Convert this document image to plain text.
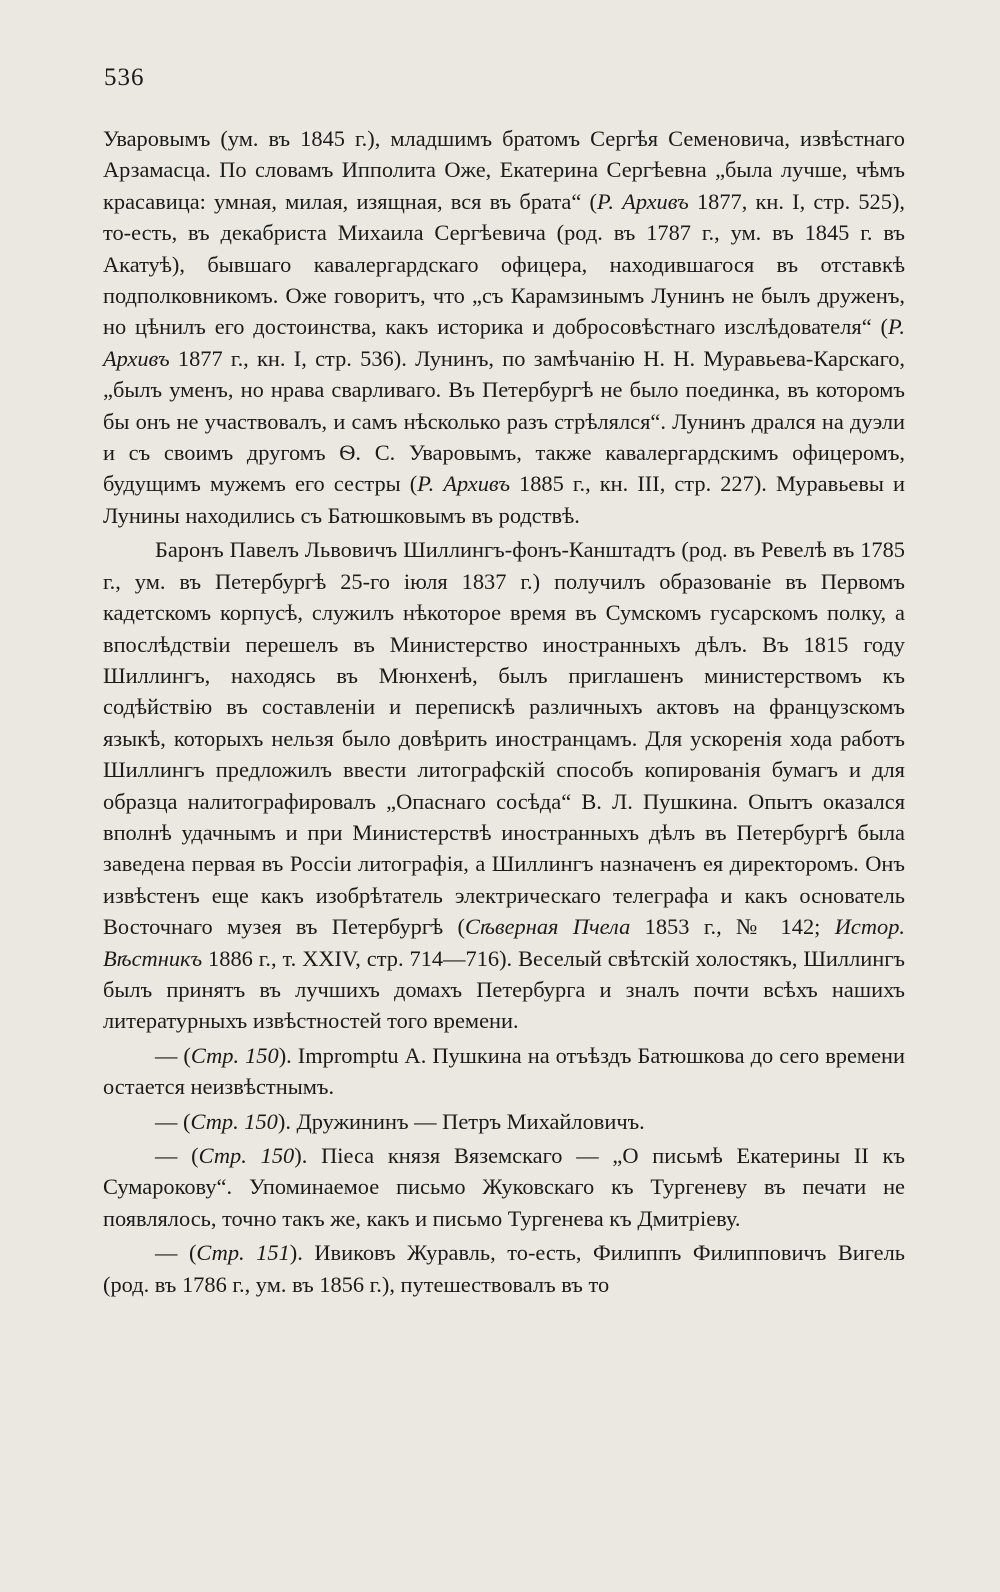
536

Уваровымъ (ум. въ 1845 г.), младшимъ братомъ Сергѣя Семеновича, извѣстнаго Арзамасца. По словамъ Ипполита Оже, Екатерина Сергѣевна „была лучше, чѣмъ красавица: умная, милая, изящная, вся въ брата“ (Р. Архивъ 1877, кн. I, стр. 525), то-есть, въ декабриста Михаила Сергѣевича (род. въ 1787 г., ум. въ 1845 г. въ Акатуѣ), бывшаго кавалергардскаго офицера, находившагося въ отставкѣ подполковникомъ. Оже говоритъ, что „съ Карамзинымъ Лунинъ не былъ друженъ, но цѣнилъ его достоинства, какъ историка и добросовѣстнаго изслѣдователя“ (Р. Архивъ 1877 г., кн. I, стр. 536). Лунинъ, по замѣчанію Н. Н. Муравьева-Карскаго, „былъ уменъ, но нрава сварливаго. Въ Петербургѣ не было поединка, въ которомъ бы онъ не участвовалъ, и самъ нѣсколько разъ стрѣлялся“. Лунинъ дрался на дуэли и съ своимъ другомъ Ѳ. С. Уваровымъ, также кавалергардскимъ офицеромъ, будущимъ мужемъ его сестры (Р. Архивъ 1885 г., кн. III, стр. 227). Муравьевы и Лунины находились съ Батюшковымъ въ родствѣ.

Баронъ Павелъ Львовичъ Шиллингъ-фонъ-Канштадтъ (род. въ Ревелѣ въ 1785 г., ум. въ Петербургѣ 25-го іюля 1837 г.) получилъ образованіе въ Первомъ кадетскомъ корпусѣ, служилъ нѣкоторое время въ Сумскомъ гусарскомъ полку, а впослѣдствіи перешелъ въ Министерство иностранныхъ дѣлъ. Въ 1815 году Шиллингъ, находясь въ Мюнхенѣ, былъ приглашенъ министерствомъ къ содѣйствію въ составленіи и перепискѣ различныхъ актовъ на французскомъ языкѣ, которыхъ нельзя было довѣрить иностранцамъ. Для ускоренія хода работъ Шиллингъ предложилъ ввести литографскій способъ копированія бумагъ и для образца налитографировалъ „Опаснаго сосѣда“ В. Л. Пушкина. Опытъ оказался вполнѣ удачнымъ и при Министерствѣ иностранныхъ дѣлъ въ Петербургѣ была заведена первая въ Россіи литографія, а Шиллингъ назначенъ ея директоромъ. Онъ извѣстенъ еще какъ изобрѣтатель электрическаго телеграфа и какъ основатель Восточнаго музея въ Петербургѣ (Сѣверная Пчела 1853 г., № 142; Истор. Вѣстникъ 1886 г., т. XXIV, стр. 714—716). Веселый свѣтскій холостякъ, Шиллингъ былъ принятъ въ лучшихъ домахъ Петербурга и зналъ почти всѣхъ нашихъ литературныхъ извѣстностей того времени.

— (Стр. 150). Impromptu А. Пушкина на отъѣздъ Батюшкова до сего времени остается неизвѣстнымъ.

— (Стр. 150). Дружининъ — Петръ Михайловичъ.

— (Стр. 150). Піеса князя Вяземскаго — „О письмѣ Екатерины II къ Сумарокову“. Упоминаемое письмо Жуковскаго къ Тургеневу въ печати не появлялось, точно такъ же, какъ и письмо Тургенева къ Дмитріеву.

— (Стр. 151). Ивиковъ Журавль, то-есть, Филиппъ Филипповичъ Вигель (род. въ 1786 г., ум. въ 1856 г.), путешествовалъ въ то
